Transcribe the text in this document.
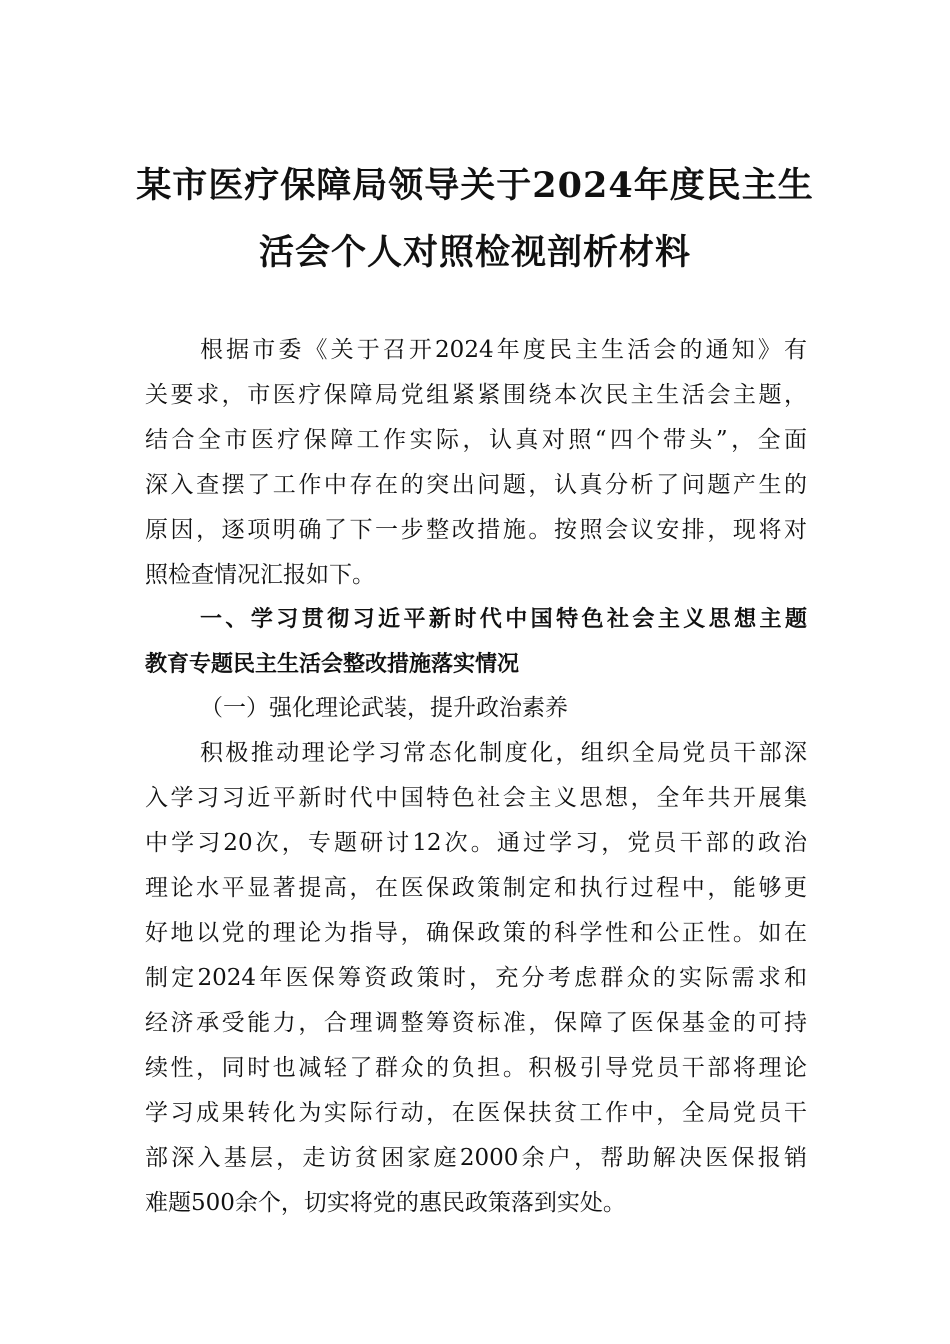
某市医疗保障局领导关于2024年度民主生
活会个人对照检视剖析材料
根据市委《关于召开2024年度民主生活会的通知》有
关要求，市医疗保障局党组紧紧围绕本次民主生活会主题，
结合全市医疗保障工作实际，认真对照“四个带头”，全面
深入查摆了工作中存在的突出问题，认真分析了问题产生的
原因，逐项明确了下一步整改措施。按照会议安排，现将对
照检查情况汇报如下。
一、学习贯彻习近平新时代中国特色社会主义思想主题
教育专题民主生活会整改措施落实情况
（一）强化理论武装，提升政治素养
积极推动理论学习常态化制度化，组织全局党员干部深
入学习习近平新时代中国特色社会主义思想，全年共开展集
中学习20次，专题研讨12次。通过学习，党员干部的政治
理论水平显著提高，在医保政策制定和执行过程中，能够更
好地以党的理论为指导，确保政策的科学性和公正性。如在
制定2024年医保筹资政策时，充分考虑群众的实际需求和
经济承受能力，合理调整筹资标准，保障了医保基金的可持
续性，同时也减轻了群众的负担。积极引导党员干部将理论
学习成果转化为实际行动，在医保扶贫工作中，全局党员干
部深入基层，走访贫困家庭2000余户，帮助解决医保报销
难题500余个，切实将党的惠民政策落到实处。
